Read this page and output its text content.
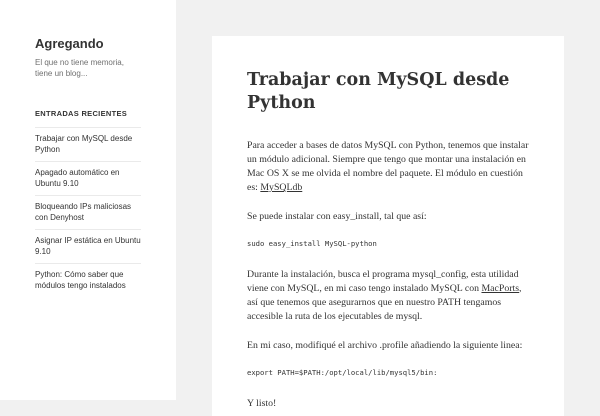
Agregando
El que no tiene memoria, tiene un blog...
ENTRADAS RECIENTES
Trabajar con MySQL desde Python
Apagado automático en Ubuntu 9.10
Bloqueando IPs maliciosas con Denyhost
Asignar IP estática en Ubuntu 9.10
Python: Cómo saber que módulos tengo instalados
Trabajar con MySQL desde Python

Para acceder a bases de datos MySQL con Python, tenemos que instalar un módulo adicional. Siempre que tengo que montar una instalación en Mac OS X se me olvida el nombre del paquete. El módulo en cuestión es: MySQLdb

Se puede instalar con easy_install, tal que así:

sudo easy_install MySQL-python

Durante la instalación, busca el programa mysql_config, esta utilidad viene con MySQL, en mi caso tengo instalado MySQL con MacPorts, así que tenemos que asegurarnos que en nuestro PATH tengamos accesible la ruta de los ejecutables de mysql.

En mi caso, modifiqué el archivo .profile añadiendo la siguiente linea:

export PATH=$PATH:/opt/local/lib/mysql5/bin:

Y listo!
